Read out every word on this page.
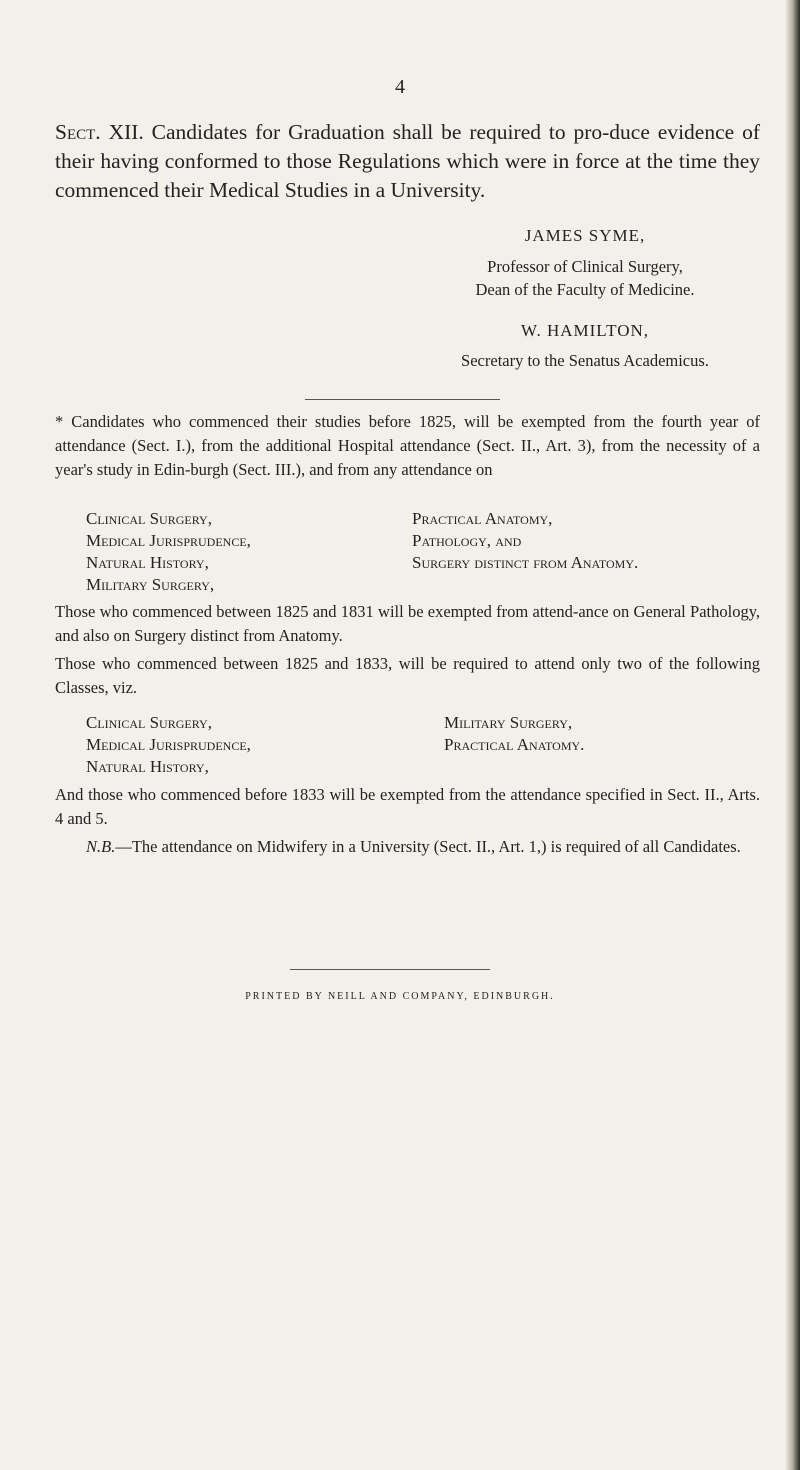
4
Sect. XII. Candidates for Graduation shall be required to pro-duce evidence of their having conformed to those Regulations which were in force at the time they commenced their Medical Studies in a University.
JAMES SYME,
Professor of Clinical Surgery,
Dean of the Faculty of Medicine.
W. HAMILTON,
Secretary to the Senatus Academicus.
* Candidates who commenced their studies before 1825, will be exempted from the fourth year of attendance (Sect. I.), from the additional Hospital attendance (Sect. II., Art. 3), from the necessity of a year's study in Edin-burgh (Sect. III.), and from any attendance on
Clinical Surgery,
Medical Jurisprudence,
Natural History,
Military Surgery,
Practical Anatomy,
Pathology, and
Surgery distinct from Anatomy.
Those who commenced between 1825 and 1831 will be exempted from attend-ance on General Pathology, and also on Surgery distinct from Anatomy.
Those who commenced between 1825 and 1833, will be required to attend only two of the following Classes, viz.
Clinical Surgery,
Medical Jurisprudence,
Natural History,
Military Surgery,
Practical Anatomy.
And those who commenced before 1833 will be exempted from the attendance specified in Sect. II., Arts. 4 and 5.
N.B.—The attendance on Midwifery in a University (Sect. II., Art. 1,) is required of all Candidates.
PRINTED BY NEILL AND COMPANY, EDINBURGH.
